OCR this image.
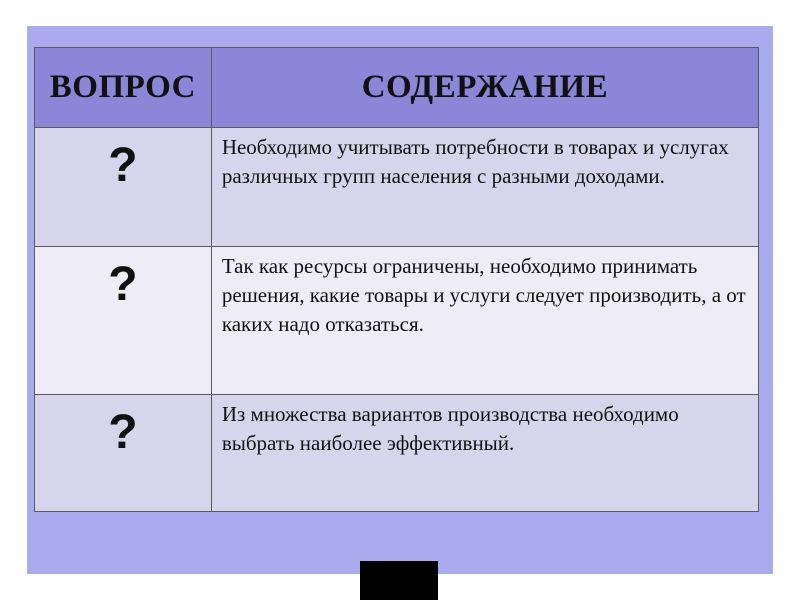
ВОПРОС	СОДЕРЖАНИЕ
?	Необходимо учитывать потребности в товарах и услугах различных групп населения с разными доходами.
?	Так как ресурсы ограничены, необходимо принимать решения, какие товары и услуги следует производить, а от каких надо отказаться.
?	Из множества вариантов производства необходимо выбрать наиболее эффективный.
